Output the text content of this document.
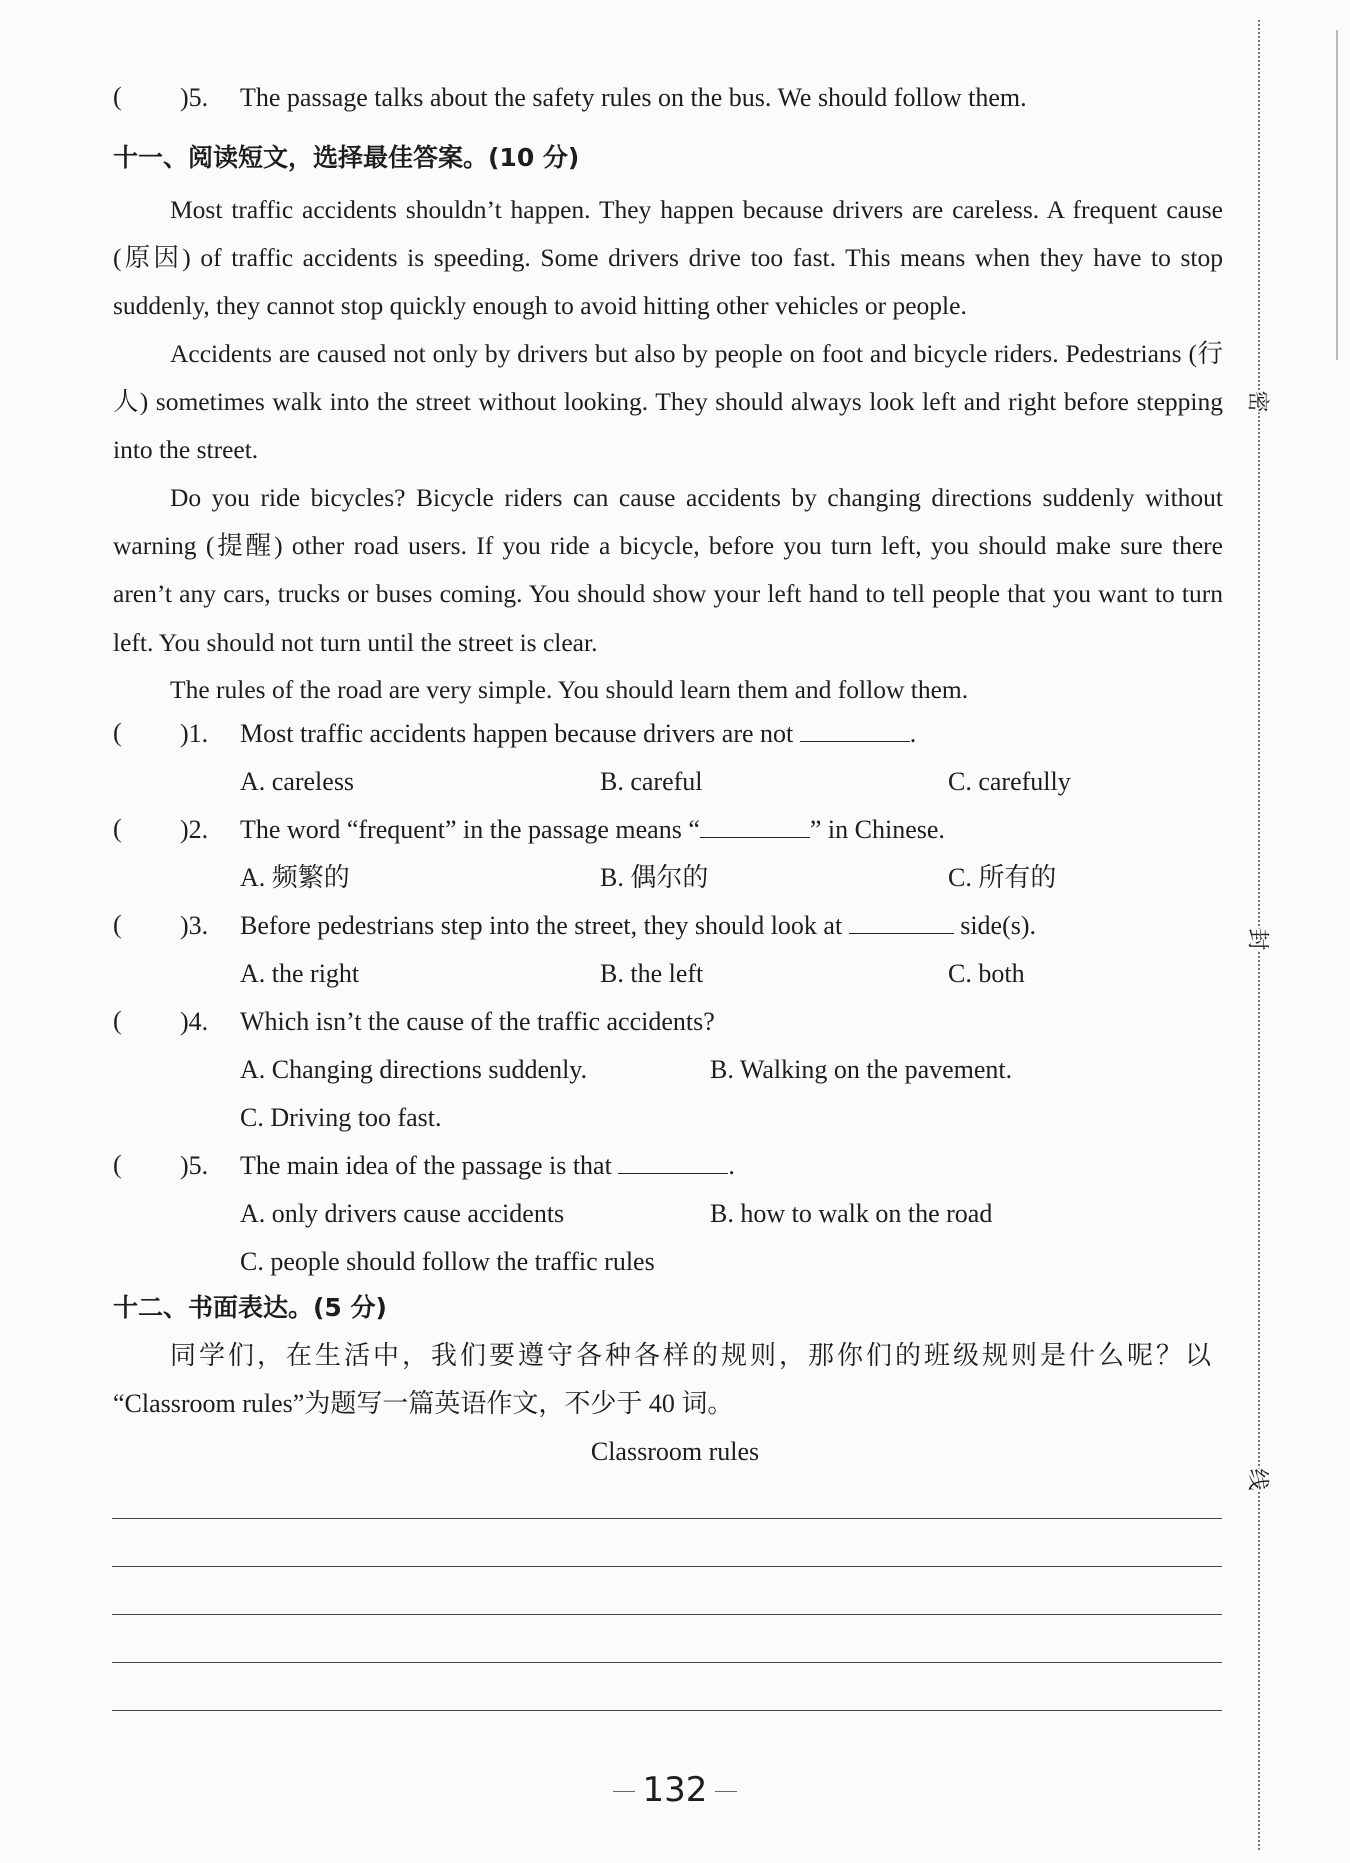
( )5. The passage talks about the safety rules on the bus. We should follow them.
十一、阅读短文，选择最佳答案。(10 分)
Most traffic accidents shouldn’t happen. They happen because drivers are careless. A frequent cause (原因) of traffic accidents is speeding. Some drivers drive too fast. This means when they have to stop suddenly, they cannot stop quickly enough to avoid hitting other vehicles or people.
Accidents are caused not only by drivers but also by people on foot and bicycle riders. Pedestrians (行人) sometimes walk into the street without looking. They should always look left and right before stepping into the street.
Do you ride bicycles? Bicycle riders can cause accidents by changing directions suddenly without warning (提醒) other road users. If you ride a bicycle, before you turn left, you should make sure there aren’t any cars, trucks or buses coming. You should show your left hand to tell people that you want to turn left. You should not turn until the street is clear.
The rules of the road are very simple. You should learn them and follow them.
( )1. Most traffic accidents happen because drivers are not	.
A. careless	B. careful	C. carefully
( )2. The word “frequent” in the passage means “	” in Chinese.
A. 频繁的	B. 偶尔的	C. 所有的
( )3. Before pedestrians step into the street, they should look at	side(s).
A. the right	B. the left	C. both
( )4. Which isn’t the cause of the traffic accidents?
A. Changing directions suddenly.	B. Walking on the pavement.
C. Driving too fast.
( )5. The main idea of the passage is that	.
A. only drivers cause accidents	B. how to walk on the road
C. people should follow the traffic rules
十二、书面表达。(5 分)
同学们，在生活中，我们要遵守各种各样的规则，那你们的班级规则是什么呢？以
“Classroom rules”为题写一篇英语作文，不少于 40 词。
Classroom rules
密
封
线
132
